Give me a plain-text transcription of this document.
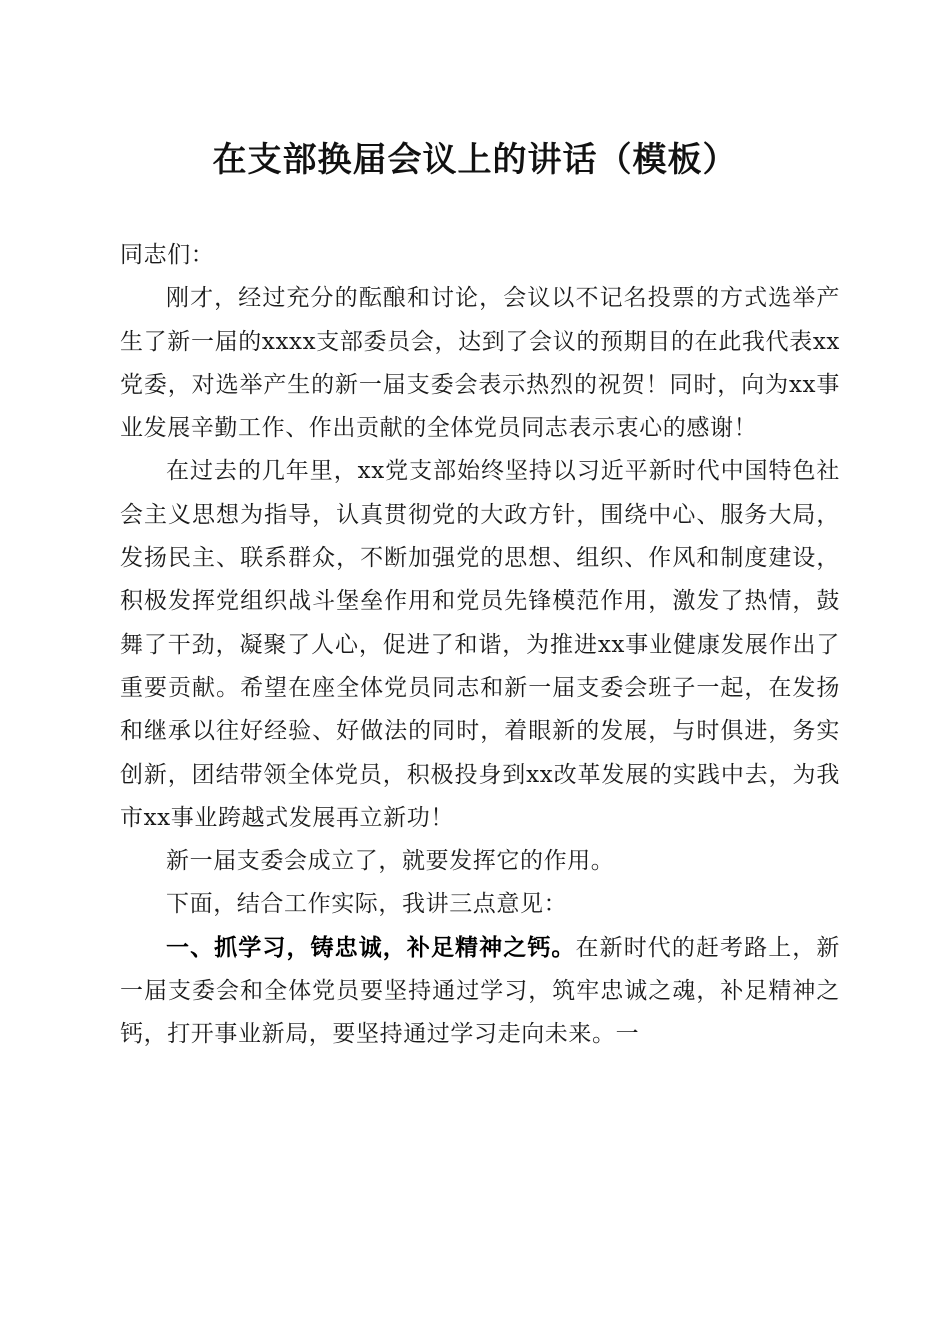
在支部换届会议上的讲话（模板）

同志们：

刚才，经过充分的酝酿和讨论，会议以不记名投票的方式选举产生了新一届的xxxx支部委员会，达到了会议的预期目的在此我代表xx党委，对选举产生的新一届支委会表示热烈的祝贺！同时，向为xx事业发展辛勤工作、作出贡献的全体党员同志表示衷心的感谢！

在过去的几年里，xx党支部始终坚持以习近平新时代中国特色社会主义思想为指导，认真贯彻党的大政方针，围绕中心、服务大局，发扬民主、联系群众，不断加强党的思想、组织、作风和制度建设，积极发挥党组织战斗堡垒作用和党员先锋模范作用，激发了热情，鼓舞了干劲，凝聚了人心，促进了和谐，为推进xx事业健康发展作出了重要贡献。希望在座全体党员同志和新一届支委会班子一起，在发扬和继承以往好经验、好做法的同时，着眼新的发展，与时俱进，务实创新，团结带领全体党员，积极投身到xx改革发展的实践中去，为我市xx事业跨越式发展再立新功！

新一届支委会成立了，就要发挥它的作用。

下面，结合工作实际，我讲三点意见：

一、抓学习，铸忠诚，补足精神之钙。在新时代的赶考路上，新一届支委会和全体党员要坚持通过学习，筑牢忠诚之魂，补足精神之钙，打开事业新局，要坚持通过学习走向未来。一
